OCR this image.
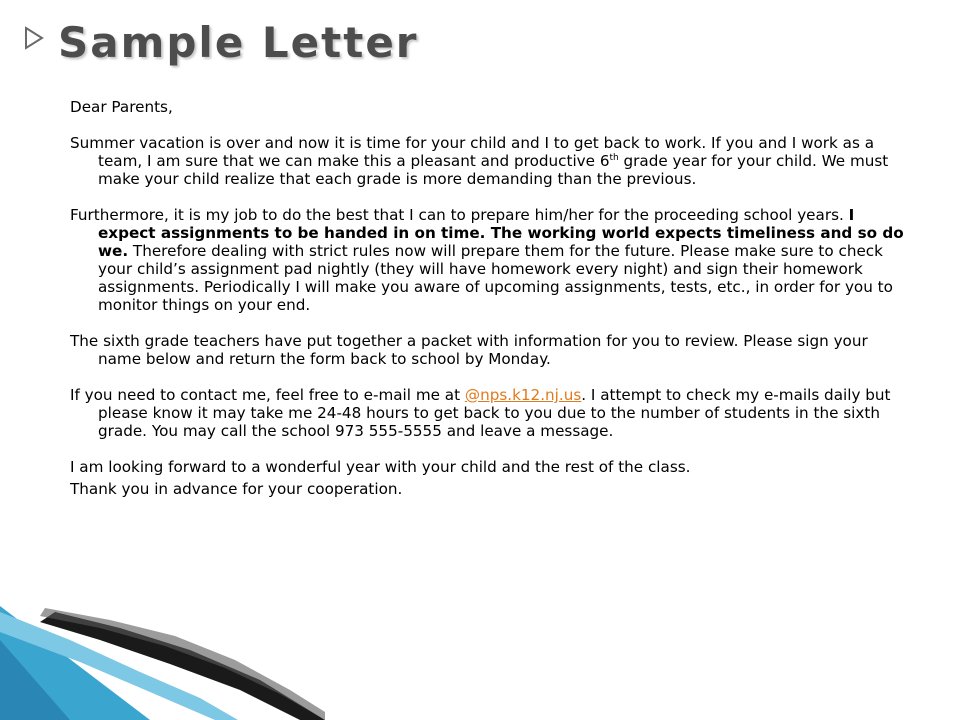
Sample Letter

Dear Parents,

Summer vacation is over and now it is time for your child and I to get back to work. If you and I work as a team, I am sure that we can make this a pleasant and productive 6th grade year for your child. We must make your child realize that each grade is more demanding than the previous.

Furthermore, it is my job to do the best that I can to prepare him/her for the proceeding school years. I expect assignments to be handed in on time. The working world expects timeliness and so do we. Therefore dealing with strict rules now will prepare them for the future. Please make sure to check your child’s assignment pad nightly (they will have homework every night) and sign their homework assignments. Periodically I will make you aware of upcoming assignments, tests, etc., in order for you to monitor things on your end.

The sixth grade teachers have put together a packet with information for you to review. Please sign your name below and return the form back to school by Monday.

If you need to contact me, feel free to e-mail me at @nps.k12.nj.us. I attempt to check my e-mails daily but please know it may take me 24-48 hours to get back to you due to the number of students in the sixth grade. You may call the school 973 555-5555 and leave a message.

I am looking forward to a wonderful year with your child and the rest of the class.

Thank you in advance for your cooperation.
